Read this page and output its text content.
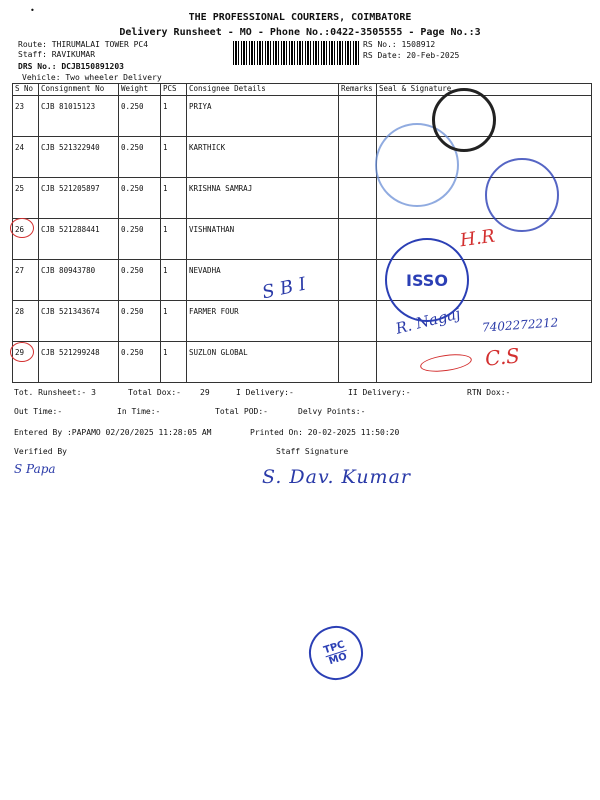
•
THE PROFESSIONAL COURIERS, COIMBATORE
Delivery Runsheet - MO - Phone No.:0422-3505555 - Page No.:3
Route: THIRUMALAI TOWER PC4
Staff: RAVIKUMAR
DRS No.: DCJB150891203
Vehicle: Two wheeler Delivery
RS No.: 1508912
RS Date: 20-Feb-2025
S No	Consignment No	Weight	PCS	Consignee Details	Remarks	Seal & Signature
23	CJB 81015123	0.250	1	PRIYA		
24	CJB 521322940	0.250	1	KARTHICK		
25	CJB 521205897	0.250	1	KRISHNA SAMRAJ		
26	CJB 521288441	0.250	1	VISHNATHAN		
27	CJB 80943780	0.250	1	NEVADHA		
28	CJB 521343674	0.250	1	FARMER FOUR		
29	CJB 521299248	0.250	1	SUZLON GLOBAL		
Tot. Runsheet:- 3	Total Dox:- 29	I Delivery:-	II Delivery:-	RTN Dox:-
Out Time:-	In Time:-	Total POD:-	Delvy Points:-
Entered By :PAPAMO 02/20/2025 11:28:05 AM	Printed On: 20-02-2025 11:50:20
Verified By	Staff Signature
S Papa	S. Dav. Kumar
S B I
H.R
C.S
R. Nagaj 7402272212
ISSO
TPC
MO
